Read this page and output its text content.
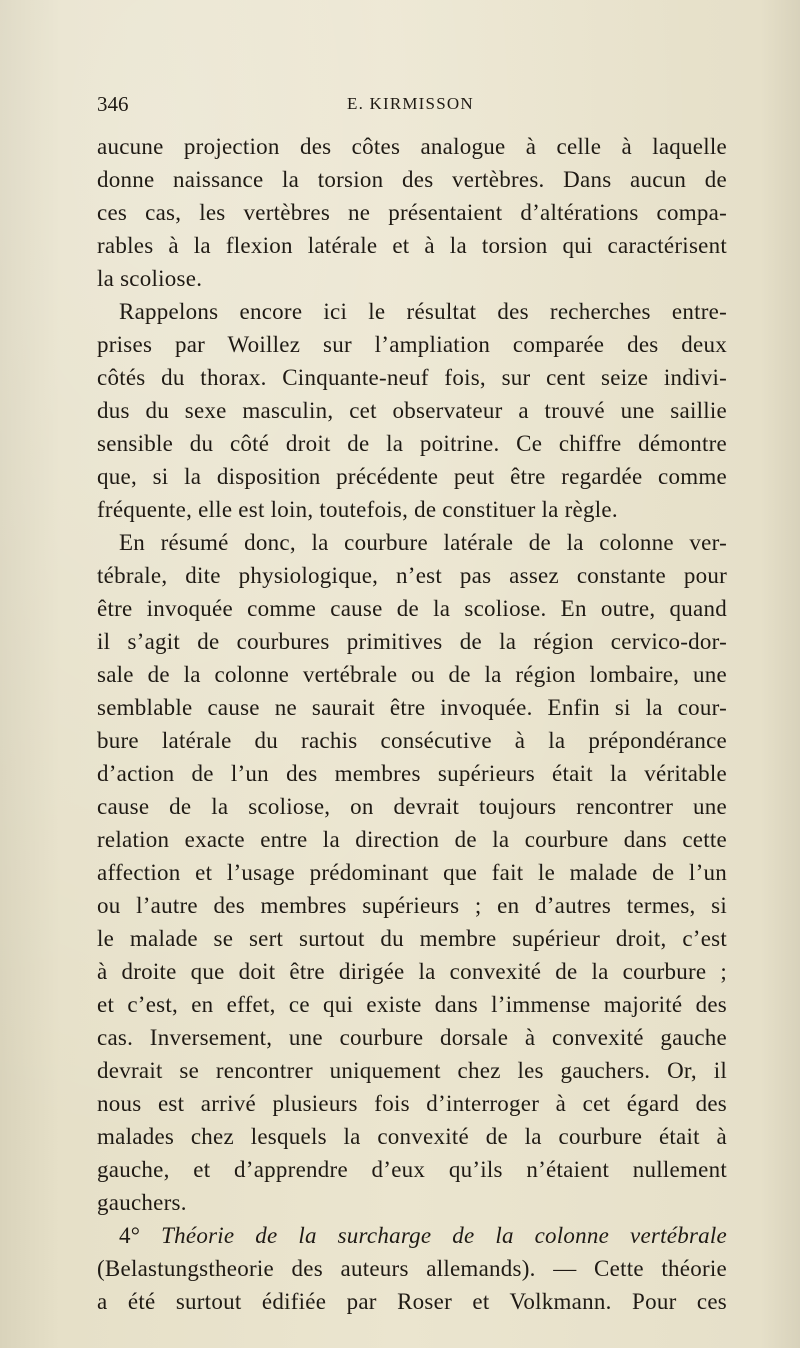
346	E. KIRMISSON
aucune projection des côtes analogue à celle à laquelle
donne naissance la torsion des vertèbres. Dans aucun de
ces cas, les vertèbres ne présentaient d’altérations compa-
rables à la flexion latérale et à la torsion qui caractérisent
la scoliose.
Rappelons encore ici le résultat des recherches entre-
prises par Woillez sur l’ampliation comparée des deux
côtés du thorax. Cinquante-neuf fois, sur cent seize indivi-
dus du sexe masculin, cet observateur a trouvé une saillie
sensible du côté droit de la poitrine. Ce chiffre démontre
que, si la disposition précédente peut être regardée comme
fréquente, elle est loin, toutefois, de constituer la règle.
En résumé donc, la courbure latérale de la colonne ver-
tébrale, dite physiologique, n’est pas assez constante pour
être invoquée comme cause de la scoliose. En outre, quand
il s’agit de courbures primitives de la région cervico-dor-
sale de la colonne vertébrale ou de la région lombaire, une
semblable cause ne saurait être invoquée. Enfin si la cour-
bure latérale du rachis consécutive à la prépondérance
d’action de l’un des membres supérieurs était la véritable
cause de la scoliose, on devrait toujours rencontrer une
relation exacte entre la direction de la courbure dans cette
affection et l’usage prédominant que fait le malade de l’un
ou l’autre des membres supérieurs ; en d’autres termes, si
le malade se sert surtout du membre supérieur droit, c’est
à droite que doit être dirigée la convexité de la courbure ;
et c’est, en effet, ce qui existe dans l’immense majorité des
cas. Inversement, une courbure dorsale à convexité gauche
devrait se rencontrer uniquement chez les gauchers. Or, il
nous est arrivé plusieurs fois d’interroger à cet égard des
malades chez lesquels la convexité de la courbure était à
gauche, et d’apprendre d’eux qu’ils n’étaient nullement
gauchers.
4° Théorie de la surcharge de la colonne vertébrale
(Belastungstheorie des auteurs allemands). — Cette théorie
a été surtout édifiée par Roser et Volkmann. Pour ces
